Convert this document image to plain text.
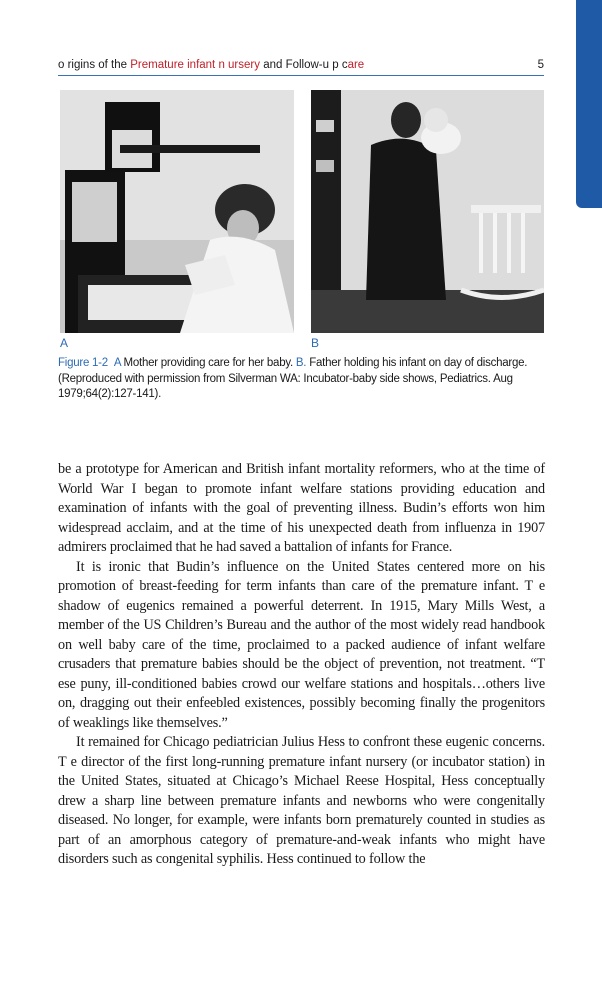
o rigins of the Premature infant n ursery and Follow-u p care	5
A	B
Figure 1-2 A Mother providing care for her baby. B. Father holding his infant on day of discharge. (Reproduced with permission from Silverman WA: Incubator-baby side shows, Pediatrics. Aug 1979;64(2):127-141).

be a prototype for American and British infant mortality reformers, who at the time of World War I began to promote infant welfare stations providing education and examination of infants with the goal of preventing illness. Budin’s efforts won him widespread acclaim, and at the time of his unexpected death from influenza in 1907 admirers proclaimed that he had saved a battalion of infants for France.

It is ironic that Budin’s influence on the United States centered more on his promotion of breast-feeding for term infants than care of the premature infant. T e shadow of eugenics remained a powerful deterrent. In 1915, Mary Mills West, a member of the US Children’s Bureau and the author of the most widely read handbook on well baby care of the time, proclaimed to a packed audience of infant welfare crusaders that premature babies should be the object of prevention, not treatment. “T ese puny, ill-conditioned babies crowd our welfare stations and hospitals…others live on, dragging out their enfeebled existences, possibly becoming finally the progenitors of weaklings like themselves.”

It remained for Chicago pediatrician Julius Hess to confront these eugenic concerns. T e director of the first long-running premature infant nursery (or incubator station) in the United States, situated at Chicago’s Michael Reese Hospital, Hess conceptually drew a sharp line between premature infants and newborns who were congenitally diseased. No longer, for example, were infants born prematurely counted in studies as part of an amorphous category of premature-and-weak infants who might have disorders such as congenital syphilis. Hess continued to follow the
